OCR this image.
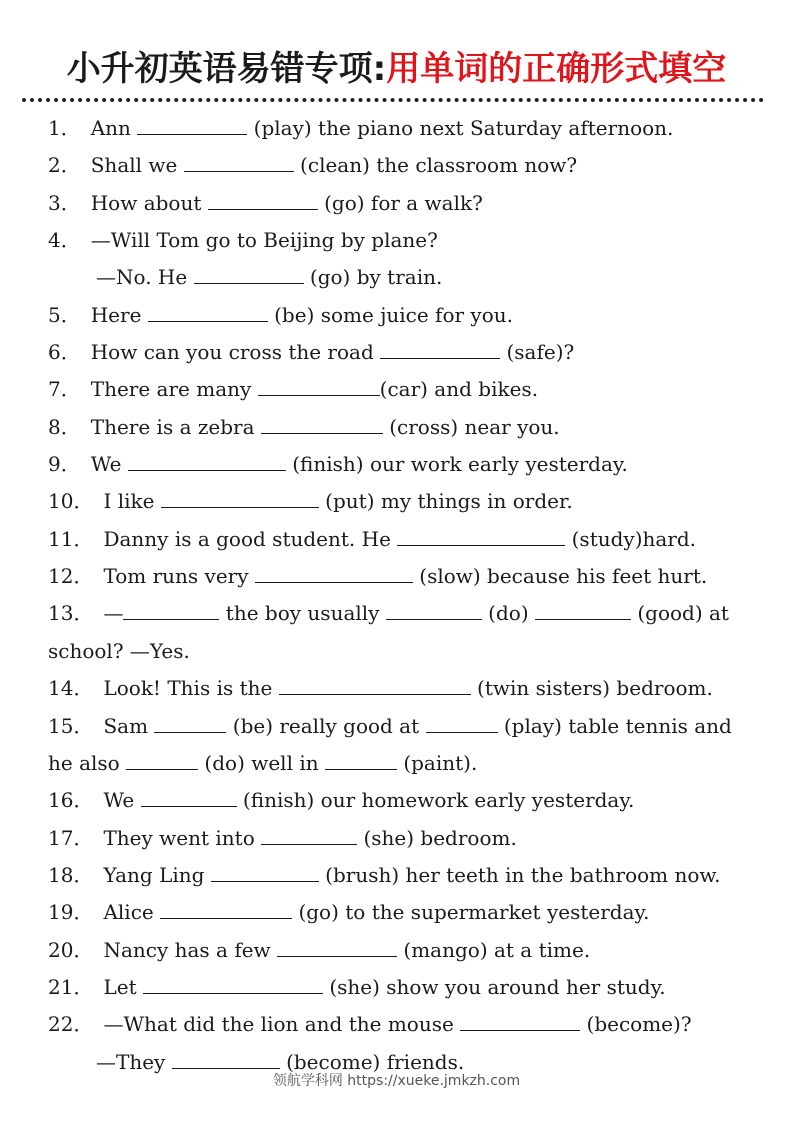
小升初英语易错专项:用单词的正确形式填空
1． Ann	(play) the piano next Saturday afternoon.
2． Shall we	(clean) the classroom now?
3． How about	(go) for a walk?
4． —Will Tom go to Beijing by plane?
—No. He	(go) by train.
5． Here	(be) some juice for you.
6． How can you cross the road	(safe)?
7． There are many	(car) and bikes.
8． There is a zebra	(cross) near you.
9． We	(finish) our work early yesterday.
10． I like	(put) my things in order.
11． Danny is a good student. He	(study)hard.
12． Tom runs very	(slow) because his feet hurt.
13． —	the boy usually	(do)	(good) at school? —Yes.
14． Look! This is the	(twin sisters) bedroom.
15． Sam	(be) really good at	(play) table tennis and he also	(do) well in	(paint).
16． We	(finish) our homework early yesterday.
17． They went into	(she) bedroom.
18． Yang Ling	(brush) her teeth in the bathroom now.
19． Alice	(go) to the supermarket yesterday.
20． Nancy has a few	(mango) at a time.
21． Let	(she) show you around her study.
22． —What did the lion and the mouse	(become)?
—They	(become) friends.
领航学科网 https://xueke.jmkzh.com
